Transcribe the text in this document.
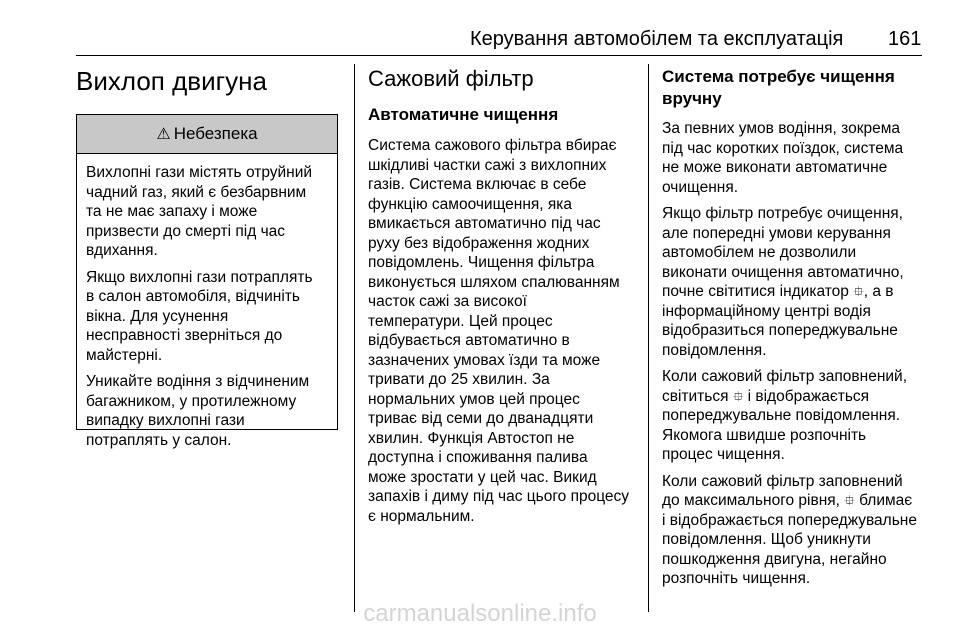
Керування автомобілем та експлуатація 161
Вихлоп двигуна
⚠ Небезпека

Вихлопні гази містять отруйний
чадний газ, який є безбарвним
та не має запаху і може
призвести до смерті під час
вдихання.

Якщо вихлопні гази потраплять
в салон автомобіля, відчиніть
вікна. Для усунення
несправності зверніться до
майстерні.

Уникайте водіння з відчиненим
багажником, у протилежному
випадку вихлопні гази
потраплять у салон.

Сажовий фільтр
Автоматичне чищення

Система сажового фільтра вбирає
шкідливі частки сажі з вихлопних
газів. Система включає в себе
функцію самоочищення, яка
вмикається автоматично під час
руху без відображення жодних
повідомлень. Чищення фільтра
виконується шляхом спалюванням
часток сажі за високої
температури. Цей процес
відбувається автоматично в
зазначених умовах їзди та може
тривати до 25 хвилин. За
нормальних умов цей процес
триває від семи до дванадцяти
хвилин. Функція Автостоп не
доступна і споживання палива
може зростати у цей час. Викид
запахів і диму під час цього процесу
є нормальним.

Система потребує чищення
вручну

За певних умов водіння, зокрема
під час коротких поїздок, система
не може виконати автоматичне
очищення.

Якщо фільтр потребує очищення,
але попередні умови керування
автомобілем не дозволили
виконати очищення автоматично,
почне світитися індикатор ⯐, а в
інформаційному центрі водія
відобразиться попереджувальне
повідомлення.

Коли сажовий фільтр заповнений,
світиться ⯐ і відображається
попереджувальне повідомлення.
Якомога швидше розпочніть
процес чищення.

Коли сажовий фільтр заповнений
до максимального рівня, ⯐ блимає
і відображається попереджувальне
повідомлення. Щоб уникнути
пошкодження двигуна, негайно
розпочніть чищення.

carmanualsonline.info
